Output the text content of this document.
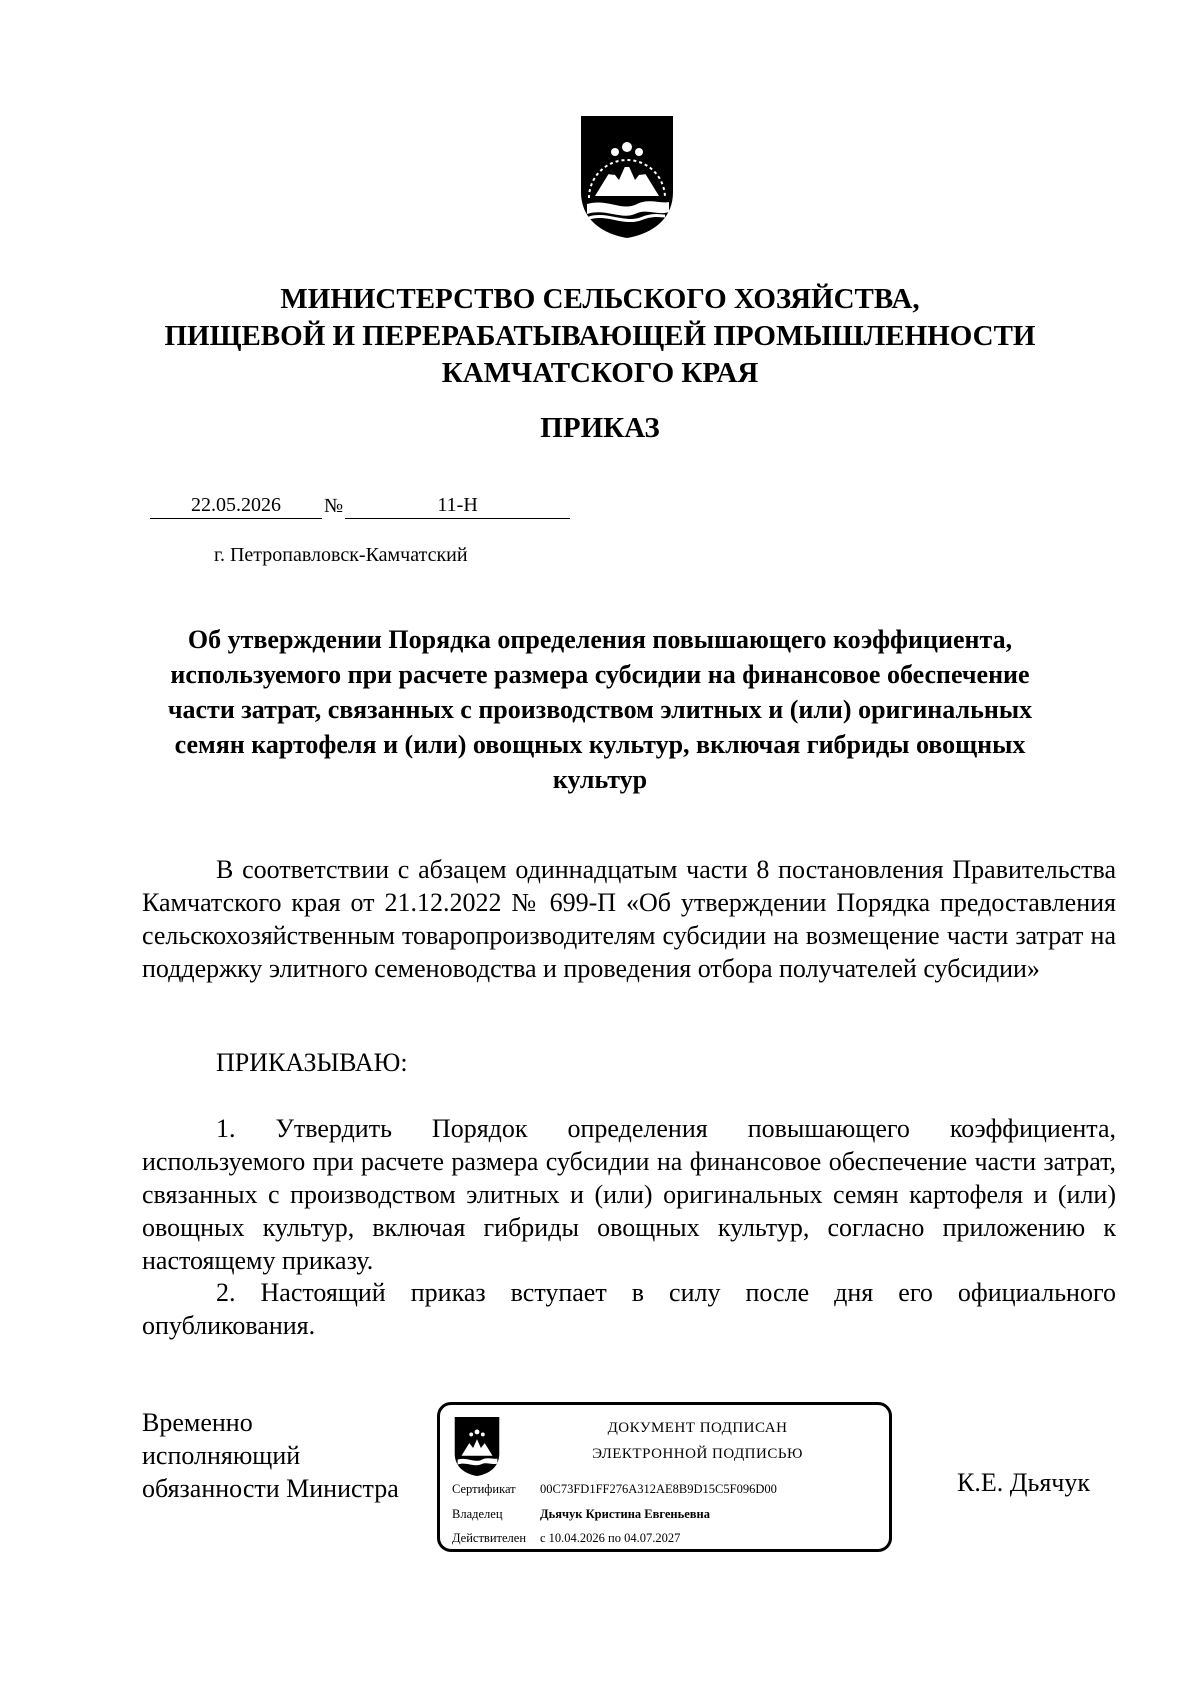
МИНИСТЕРСТВО СЕЛЬСКОГО ХОЗЯЙСТВА,
ПИЩЕВОЙ И ПЕРЕРАБАТЫВАЮЩЕЙ ПРОМЫШЛЕННОСТИ
КАМЧАТСКОГО КРАЯ
ПРИКАЗ
22.05.2026 №	11-Н
г. Петропавловск-Камчатский
Об утверждении Порядка определения повышающего коэффициента,
используемого при расчете размера субсидии на финансовое обеспечение
части затрат, связанных с производством элитных и (или) оригинальных
семян картофеля и (или) овощных культур, включая гибриды овощных
культур
В соответствии с абзацем одиннадцатым части 8 постановления Правительства Камчатского края от 21.12.2022 № 699-П «Об утверждении Порядка предоставления сельскохозяйственным товаропроизводителям субсидии на возмещение части затрат на поддержку элитного семеноводства и проведения отбора получателей субсидии»
ПРИКАЗЫВАЮ:
1. Утвердить Порядок определения повышающего коэффициента, используемого при расчете размера субсидии на финансовое обеспечение части затрат, связанных с производством элитных и (или) оригинальных семян картофеля и (или) овощных культур, включая гибриды овощных культур, согласно приложению к настоящему приказу.
2. Настоящий приказ вступает в силу после дня его официального опубликования.
Временно
исполняющий
обязанности Министра
ДОКУМЕНТ ПОДПИСАН
ЭЛЕКТРОННОЙ ПОДПИСЬЮ
Сертификат 00C73FD1FF276A312AE8B9D15C5F096D00
Владелец	Дьячук Кристина Евгеньевна
Действителен с 10.04.2026 по 04.07.2027
К.Е. Дьячук
